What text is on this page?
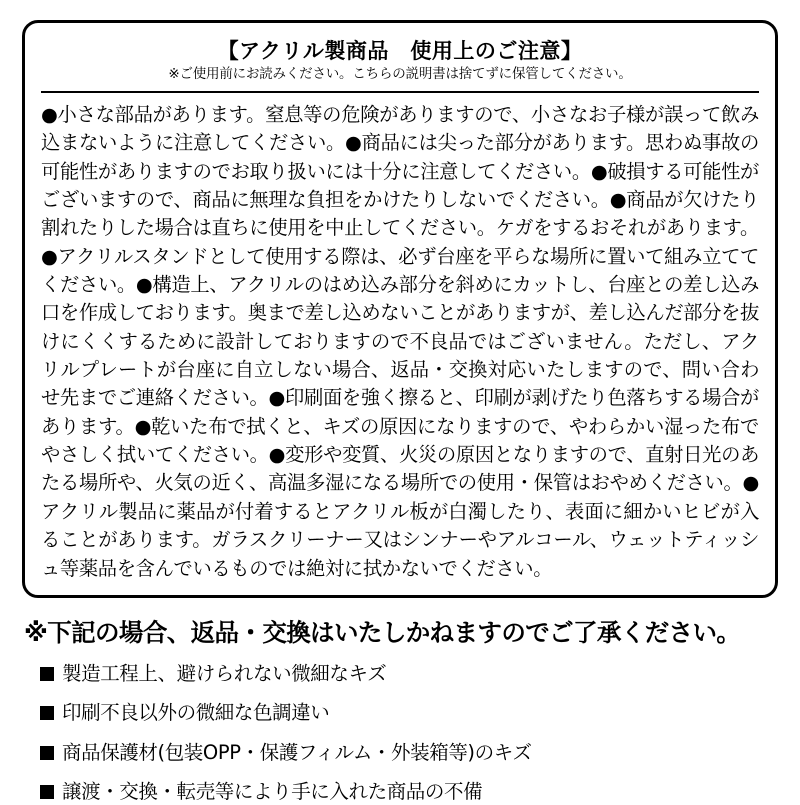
【アクリル製商品　使用上のご注意】
※ご使用前にお読みください。こちらの説明書は捨てずに保管してください。

●小さな部品があります。窒息等の危険がありますので、小さなお子様が誤って飲み込まないように注意してください。●商品には尖った部分があります。思わぬ事故の可能性がありますのでお取り扱いには十分に注意してください。●破損する可能性がございますので、商品に無理な負担をかけたりしないでください。●商品が欠けたり割れたりした場合は直ちに使用を中止してください。ケガをするおそれがあります。●アクリルスタンドとして使用する際は、必ず台座を平らな場所に置いて組み立ててください。●構造上、アクリルのはめ込み部分を斜めにカットし、台座との差し込み口を作成しております。奥まで差し込めないことがありますが、差し込んだ部分を抜けにくくするために設計しておりますので不良品ではございません。ただし、アクリルプレートが台座に自立しない場合、返品・交換対応いたしますので、問い合わせ先までご連絡ください。●印刷面を強く擦ると、印刷が剥げたり色落ちする場合があります。●乾いた布で拭くと、キズの原因になりますので、やわらかい湿った布でやさしく拭いてください。●変形や変質、火災の原因となりますので、直射日光のあたる場所や、火気の近く、高温多湿になる場所での使用・保管はおやめください。●アクリル製品に薬品が付着するとアクリル板が白濁したり、表面に細かいヒビが入ることがあります。ガラスクリーナー又はシンナーやアルコール、ウェットティッシュ等薬品を含んでいるものでは絶対に拭かないでください。

※下記の場合、返品・交換はいたしかねますのでご了承ください。
製造工程上、避けられない微細なキズ
印刷不良以外の微細な色調違い
商品保護材(包装OPP・保護フィルム・外装箱等)のキズ
譲渡・交換・転売等により手に入れた商品の不備
